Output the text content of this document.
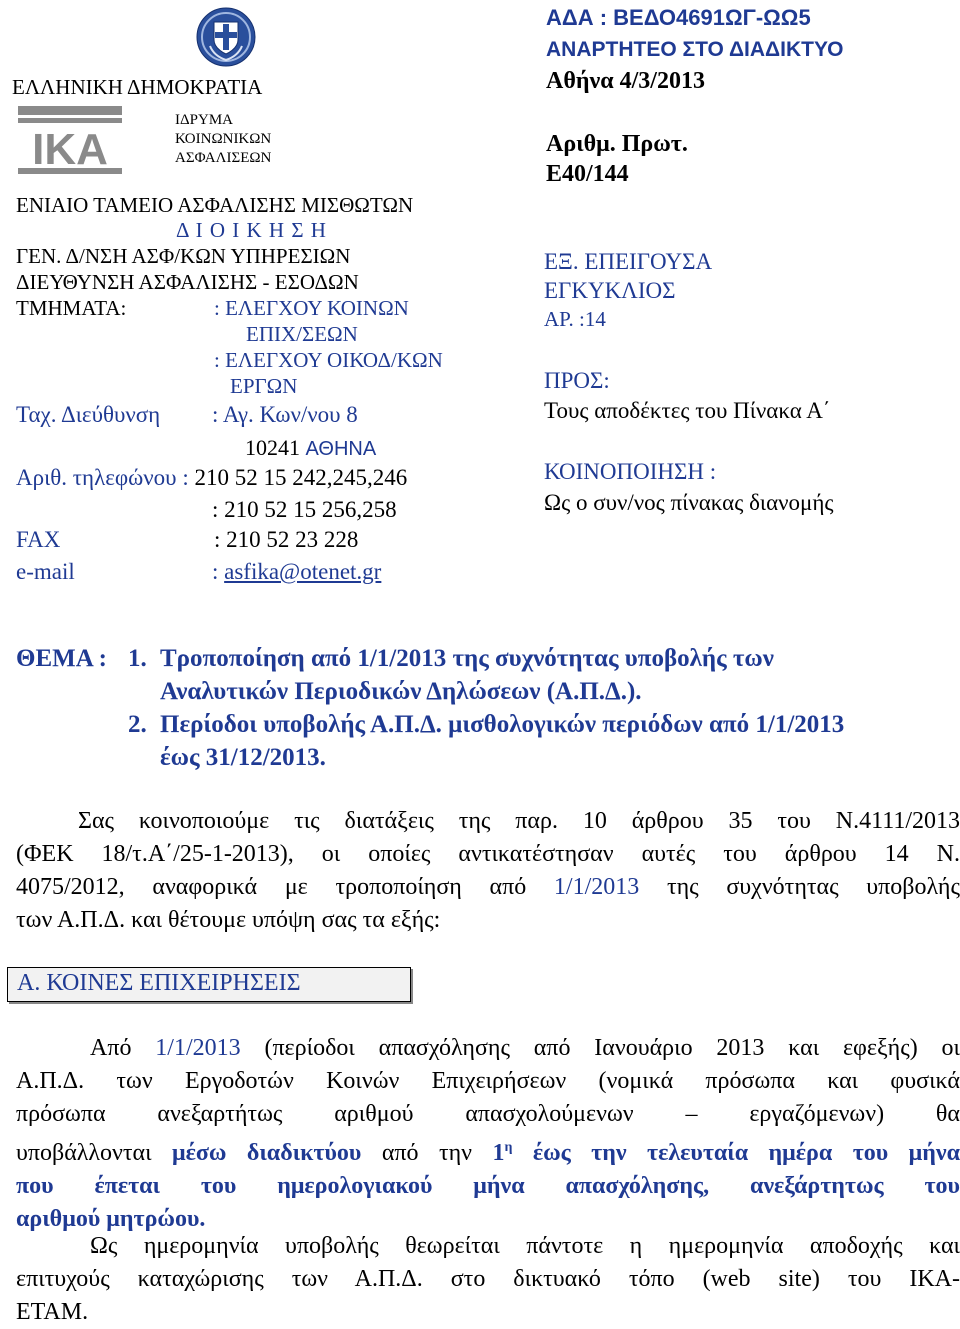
ΕΛΛΗΝΙΚΗ ΔΗΜΟΚΡΑΤΙΑ
IKA
ΙΔΡΥΜΑ
ΚΟΙΝΩΝΙΚΩΝ
ΑΣΦΑΛΙΣΕΩΝ
ΕΝΙΑΙΟ ΤΑΜΕΙΟ ΑΣΦΑΛΙΣΗΣ ΜΙΣΘΩΤΩΝ
Δ Ι Ο Ι Κ Η Σ Η
ΓΕΝ. Δ/ΝΣΗ ΑΣΦ/ΚΩΝ ΥΠΗΡΕΣΙΩΝ
ΔΙΕΥΘΥΝΣΗ ΑΣΦΑΛΙΣΗΣ - ΕΣΟΔΩΝ
ΤΜΗΜΑΤΑ:	: ΕΛΕΓΧΟΥ ΚΟΙΝΩΝ
ΕΠΙΧ/ΣΕΩΝ
: ΕΛΕΓΧΟΥ ΟΙΚΟΔ/ΚΩΝ
ΕΡΓΩΝ
Ταχ. Διεύθυνση : Αγ. Κων/νου 8
10241 ΑΘΗΝΑ
Αριθ. τηλεφώνου : 210 52 15 242,245,246
: 210 52 15 256,258
FAX	: 210 52 23 228
e-mail	: asfika@otenet.gr
ΑΔΑ : ΒΕΔΟ4691ΩΓ-ΩΩ5
ΑΝΑΡΤΗΤΕΟ ΣΤΟ ΔΙΑΔΙΚΤΥΟ
Αθήνα 4/3/2013
Αριθμ. Πρωτ.
Ε40/144
ΕΞ. ΕΠΕΙΓΟΥΣΑ
ΕΓΚΥΚΛΙΟΣ
ΑΡ. :14
ΠΡΟΣ:
Τους αποδέκτες του Πίνακα Α΄
ΚΟΙΝΟΠΟΙΗΣΗ :
Ως ο συν/νος πίνακας διανομής
ΘΕΜΑ : 1. Τροποποίηση από 1/1/2013 της συχνότητας υποβολής των
Αναλυτικών Περιοδικών Δηλώσεων (Α.Π.Δ.).
2. Περίοδοι υποβολής Α.Π.Δ. μισθολογικών περιόδων από 1/1/2013
έως 31/12/2013.
Σας κοινοποιούμε τις διατάξεις της παρ. 10 άρθρου 35 του Ν.4111/2013
(ΦΕΚ 18/τ.Α΄/25-1-2013), οι οποίες αντικατέστησαν αυτές του άρθρου 14 Ν.
4075/2012, αναφορικά με τροποποίηση από 1/1/2013 της συχνότητας υποβολής
των Α.Π.Δ. και θέτουμε υπόψη σας τα εξής:
Α. ΚΟΙΝΕΣ ΕΠΙΧΕΙΡΗΣΕΙΣ
Από 1/1/2013 (περίοδοι απασχόλησης από Ιανουάριο 2013 και εφεξής) οι
Α.Π.Δ. των Εργοδοτών Κοινών Επιχειρήσεων (νομικά πρόσωπα και φυσικά
πρόσωπα ανεξαρτήτως αριθμού απασχολούμενων – εργαζόμενων) θα
υποβάλλονται μέσω διαδικτύου από την $1^\eta$ έως την τελευταία ημέρα του μήνα
που έπεται του ημερολογιακού μήνα απασχόλησης, ανεξάρτητως του
αριθμού μητρώου.
Ως ημερομηνία υποβολής θεωρείται πάντοτε η ημερομηνία αποδοχής και
επιτυχούς καταχώρισης των Α.Π.Δ. στο δικτυακό τόπο (web site) του ΙΚΑ-
ΕΤΑΜ.
